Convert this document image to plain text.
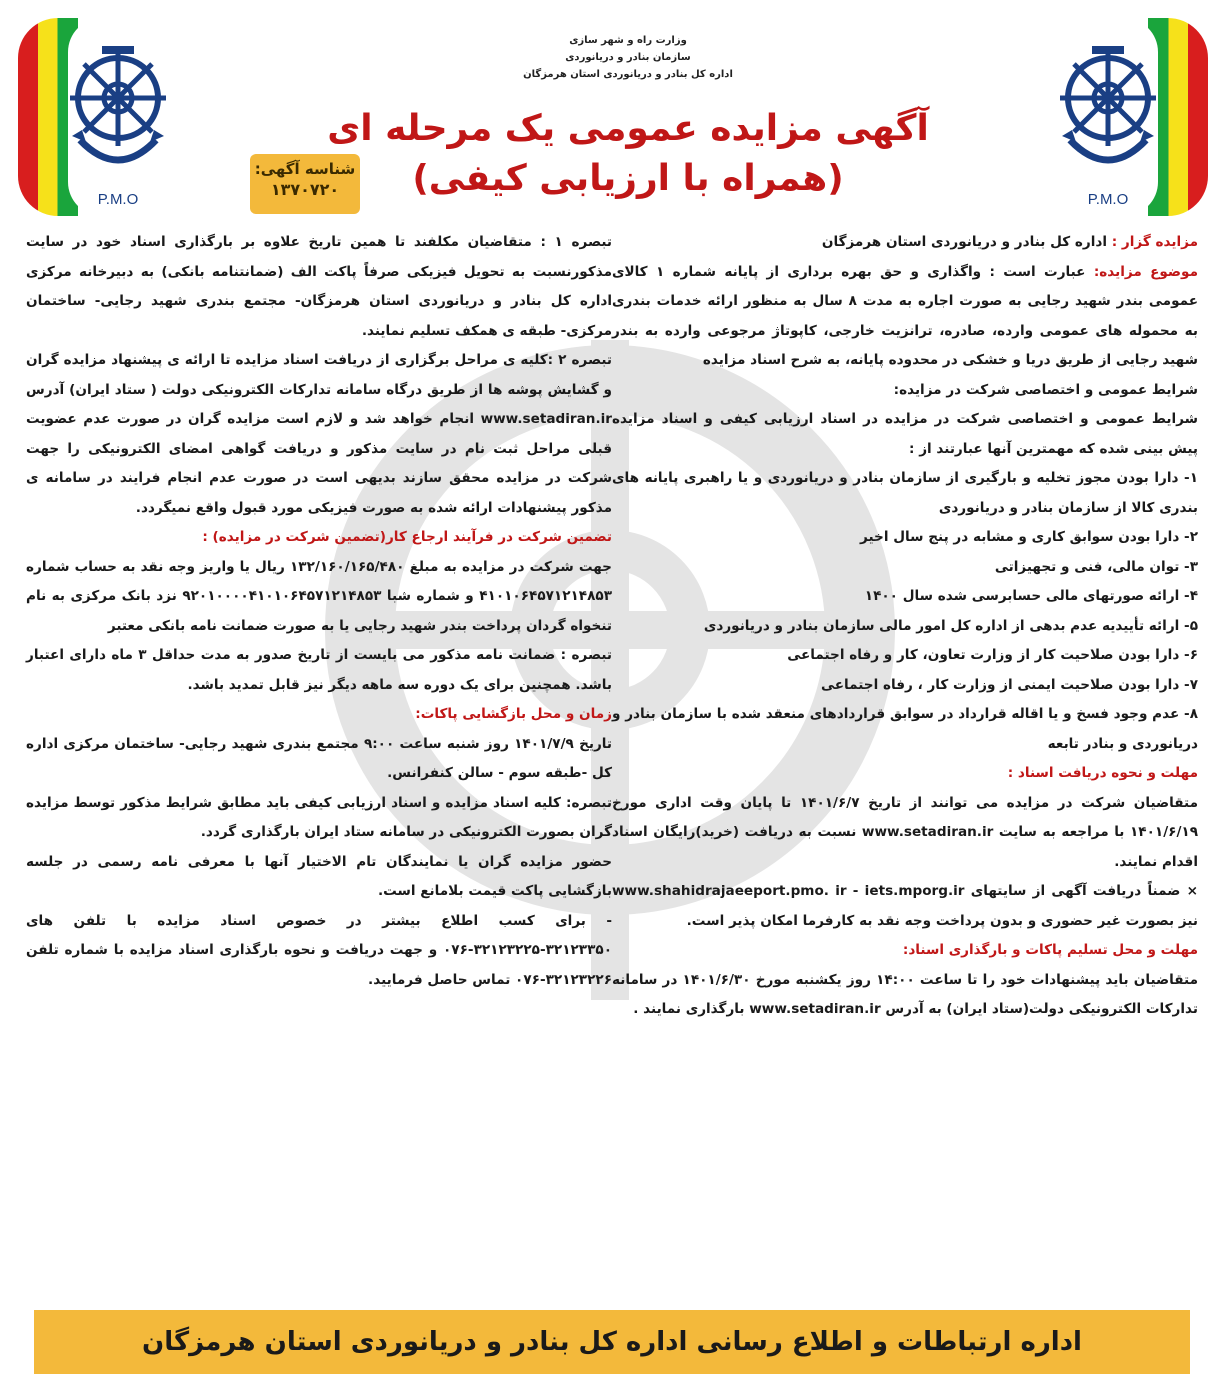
P.M.O	P.M.O
وزارت راه و شهر سازی
سازمان بنادر و دریانوردی
اداره کل بنادر و دریانوردی استان هرمزگان
آگهی مزایده عمومی یک مرحله ای
(همراه با ارزیابی کیفی)
شناسه آگهی:
۱۳۷۰۷۲۰

مزایده گزار : اداره کل بنادر و دریانوردی استان هرمزگان

موضوع مزایده: عبارت است : واگذاری و حق بهره برداری از پایانه شماره ۱ کالای عمومی بندر شهید رجایی به صورت اجاره به مدت ۸ سال به منظور ارائه خدمات بندری به محموله های عمومی وارده، صادره، ترانزیت خارجی، کاپوتاژ مرجوعی وارده به بندر شهید رجایی از طریق دریا و خشکی در محدوده پایانه، به شرح اسناد مزایده

شرایط عمومی و اختصاصی شرکت در مزایده:

شرایط عمومی و اختصاصی شرکت در مزایده در اسناد ارزیابی کیفی و اسناد مزایده پیش بینی شده که مهمترین آنها عبارتند از :

۱- دارا بودن مجوز تخلیه و بارگیری از سازمان بنادر و دریانوردی و یا راهبری پایانه های بندری کالا از سازمان بنادر و دریانوردی

۲- دارا بودن سوابق کاری و مشابه در پنج سال اخیر

۳- توان مالی، فنی و تجهیزاتی

۴- ارائه صورتهای مالی حسابرسی شده سال ۱۴۰۰

۵- ارائه تأییدیه عدم بدهی از اداره کل امور مالی سازمان بنادر و دریانوردی

۶- دارا بودن صلاحیت کار از وزارت تعاون، کار و رفاه اجتماعی

۷- دارا بودن صلاحیت ایمنی از وزارت کار ، رفاه اجتماعی

۸- عدم وجود فسخ و یا اقاله قرارداد در سوابق قراردادهای منعقد شده با سازمان بنادر و دریانوردی و بنادر تابعه

مهلت و نحوه دریافت اسناد :

متقاضیان شرکت در مزایده می توانند از تاریخ ۱۴۰۱/۶/۷ تا پایان وقت اداری مورخ ۱۴۰۱/۶/۱۹ با مراجعه به سایت www.setadiran.ir نسبت به دریافت (خرید)رایگان اسناد اقدام نمایند.

× ضمناً دریافت آگهی از سایتهای www.shahidrajaeeport.pmo. ir - iets.mporg.ir نیز بصورت غیر حضوری و بدون پرداخت وجه نقد به کارفرما امکان پذیر است.

مهلت و محل تسلیم پاکات و بارگذاری اسناد:

متقاضیان باید پیشنهادات خود را تا ساعت ۱۴:۰۰ روز یکشنبه مورخ ۱۴۰۱/۶/۳۰ در سامانه تدارکات الکترونیکی دولت(ستاد ایران) به آدرس www.setadiran.ir بارگذاری نمایند .

تبصره ۱ : متقاضیان مکلفند تا همین تاریخ علاوه بر بارگذاری اسناد خود در سایت مذکورنسبت به تحویل فیزیکی صرفاً پاکت الف (ضمانتنامه بانکی) به دبیرخانه مرکزی اداره کل بنادر و دریانوردی استان هرمزگان- مجتمع بندری شهید رجایی- ساختمان مرکزی- طبقه ی همکف تسلیم نمایند.

تبصره ۲ :کلیه ی مراحل برگزاری از دریافت اسناد مزایده تا ارائه ی پیشنهاد مزایده گران و گشایش پوشه ها از طریق درگاه سامانه تدارکات الکترونیکی دولت ( ستاد ایران) آدرس www.setadiran.ir انجام خواهد شد و لازم است مزایده گران در صورت عدم عضویت قبلی مراحل ثبت نام در سایت مذکور و دریافت گواهی امضای الکترونیکی را جهت شرکت در مزایده محقق سازند بدیهی است در صورت عدم انجام فرایند در سامانه ی مذکور پیشنهادات ارائه شده به صورت فیزیکی مورد قبول واقع نمیگردد.

تضمین شرکت در فرآیند ارجاع کار(تضمین شرکت در مزایده) :

جهت شرکت در مزایده به مبلغ ۱۳۲/۱۶۰/۱۶۵/۴۸۰ ریال یا واریز وجه نقد به حساب شماره ۴۱۰۱۰۶۴۵۷۱۲۱۴۸۵۳ و شماره شبا ۹۲۰۱۰۰۰۰۴۱۰۱۰۶۴۵۷۱۲۱۴۸۵۳ نزد بانک مرکزی به نام تنخواه گردان پرداخت بندر شهید رجایی یا به صورت ضمانت نامه بانکی معتبر

تبصره : ضمانت نامه مذکور می بایست از تاریخ صدور به مدت حداقل ۳ ماه دارای اعتبار باشد. همچنین برای یک دوره سه ماهه دیگر نیز قابل تمدید باشد.

زمان و محل بازگشایی پاکات:

تاریخ ۱۴۰۱/۷/۹ روز شنبه ساعت ۹:۰۰ مجتمع بندری شهید رجایی- ساختمان مرکزی اداره کل -طبقه سوم - سالن کنفرانس.

تبصره: کلیه اسناد مزایده و اسناد ارزیابی کیفی باید مطابق شرایط مذکور توسط مزایده گران بصورت الکترونیکی در سامانه ستاد ایران بارگذاری گردد.

حضور مزایده گران یا نمایندگان تام الاختیار آنها با معرفی نامه رسمی در جلسه بازگشایی پاکت قیمت بلامانع است.

- برای کسب اطلاع بیشتر در خصوص اسناد مزایده با تلفن های ۳۲۱۲۳۳۵۰-۳۲۱۲۳۲۲۵-۰۷۶ و جهت دریافت و نحوه بارگذاری اسناد مزایده با شماره تلفن ۳۲۱۲۳۲۲۶-۰۷۶ تماس حاصل فرمایید.

اداره ارتباطات و اطلاع رسانی اداره کل بنادر و دریانوردی استان هرمزگان
